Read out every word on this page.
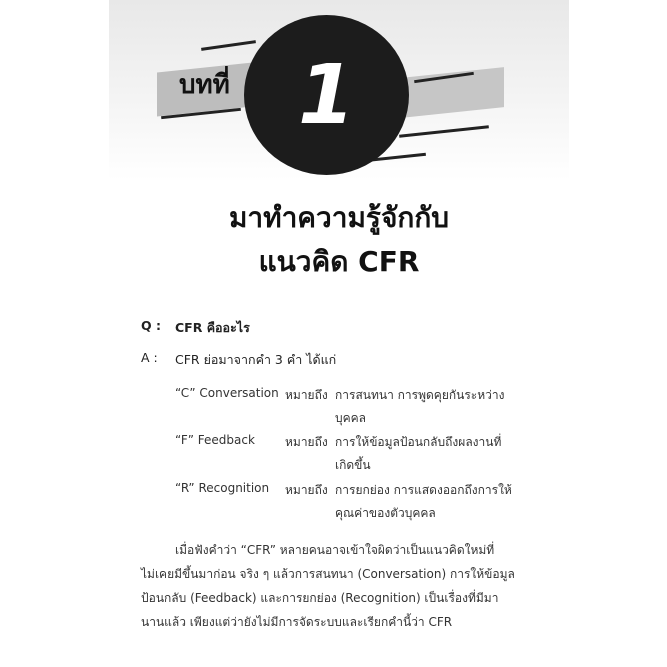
บทที่ 1
มาทำความรู้จักกับ
แนวคิด CFR
Q : CFR คืออะไร
A : CFR ย่อมาจากคำ 3 คำ ได้แก่
“C” Conversation หมายถึง การสนทนา การพูดคุยกันระหว่าง
บุคคล
“F” Feedback	หมายถึง การให้ข้อมูลป้อนกลับถึงผลงานที่
เกิดขึ้น
“R” Recognition หมายถึง การยกย่อง การแสดงออกถึงการให้
คุณค่าของตัวบุคคล
เมื่อฟังคำว่า “CFR” หลายคนอาจเข้าใจผิดว่าเป็นแนวคิดใหม่ที่
ไม่เคยมีขึ้นมาก่อน จริง ๆ แล้วการสนทนา (Conversation) การให้ข้อมูล
ป้อนกลับ (Feedback) และการยกย่อง (Recognition) เป็นเรื่องที่มีมา
นานแล้ว เพียงแต่ว่ายังไม่มีการจัดระบบและเรียกคำนี้ว่า CFR
